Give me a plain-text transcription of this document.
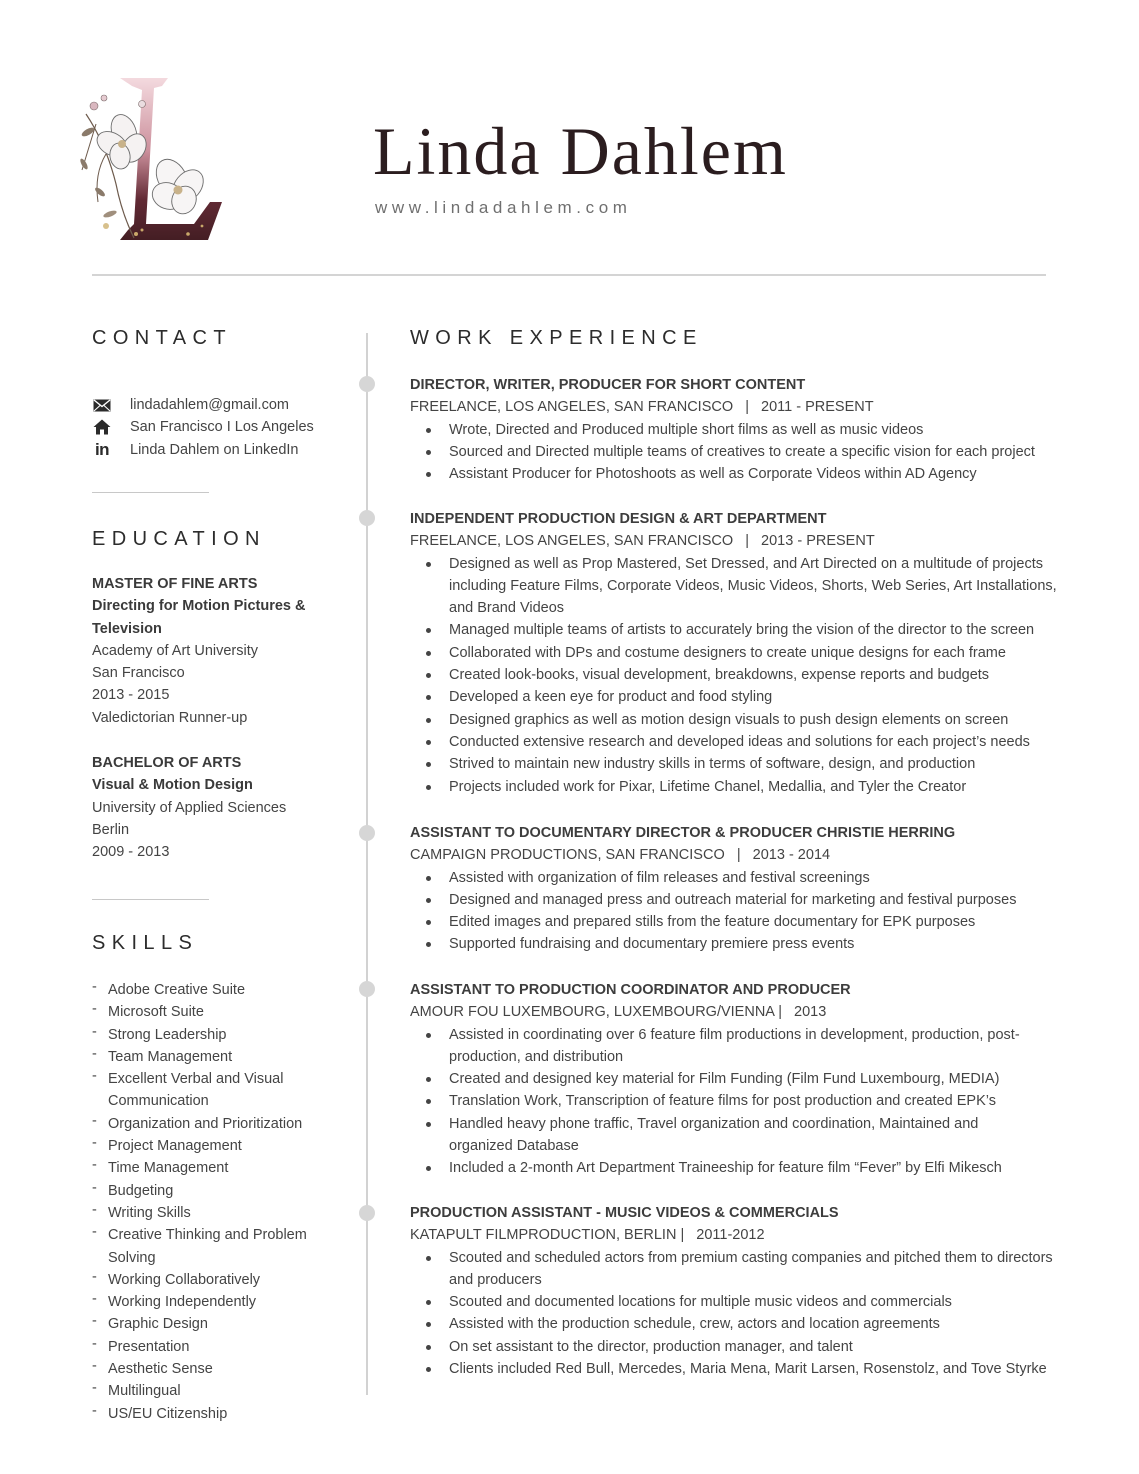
Linda Dahlem
www.lindadahlem.com
CONTACT
lindadahlem@gmail.com
San Francisco I Los Angeles
in Linda Dahlem on LinkedIn
EDUCATION
MASTER OF FINE ARTS
Directing for Motion Pictures & Television
Academy of Art University
San Francisco
2013 - 2015
Valedictorian Runner-up
BACHELOR OF ARTS
Visual & Motion Design
University of Applied Sciences
Berlin
2009 - 2013
SKILLS
- Adobe Creative Suite
- Microsoft Suite
- Strong Leadership
- Team Management
- Excellent Verbal and Visual Communication
- Organization and Prioritization
- Project Management
- Time Management
- Budgeting
- Writing Skills
- Creative Thinking and Problem Solving
- Working Collaboratively
- Working Independently
- Graphic Design
- Presentation
- Aesthetic Sense
- Multilingual
- US/EU Citizenship
WORK EXPERIENCE
DIRECTOR, WRITER, PRODUCER FOR SHORT CONTENT
FREELANCE, LOS ANGELES, SAN FRANCISCO   |   2011 - PRESENT
Wrote, Directed and Produced multiple short films as well as music videos
Sourced and Directed multiple teams of creatives to create a specific vision for each project
Assistant Producer for Photoshoots as well as Corporate Videos within AD Agency
INDEPENDENT PRODUCTION DESIGN & ART DEPARTMENT
FREELANCE, LOS ANGELES, SAN FRANCISCO   |   2013 - PRESENT
Designed as well as Prop Mastered, Set Dressed, and Art Directed on a multitude of projects including Feature Films, Corporate Videos, Music Videos, Shorts, Web Series, Art Installations, and Brand Videos
Managed multiple teams of artists to accurately bring the vision of the director to the screen
Collaborated with DPs and costume designers to create unique designs for each frame
Created look-books, visual development, breakdowns, expense reports and budgets
Developed a keen eye for product and food styling
Designed graphics as well as motion design visuals to push design elements on screen
Conducted extensive research and developed ideas and solutions for each project’s needs
Strived to maintain new industry skills in terms of software, design, and production
Projects included work for Pixar, Lifetime Chanel, Medallia, and Tyler the Creator
ASSISTANT TO DOCUMENTARY DIRECTOR & PRODUCER CHRISTIE HERRING
CAMPAIGN PRODUCTIONS, SAN FRANCISCO   |   2013 - 2014
Assisted with organization of film releases and festival screenings
Designed and managed press and outreach material for marketing and festival purposes
Edited images and prepared stills from the feature documentary for EPK purposes
Supported fundraising and documentary premiere press events
ASSISTANT TO PRODUCTION COORDINATOR AND PRODUCER
AMOUR FOU LUXEMBOURG, LUXEMBOURG/VIENNA |   2013
Assisted in coordinating over 6 feature film productions in development, production, post-production, and distribution
Created and designed key material for Film Funding (Film Fund Luxembourg, MEDIA)
Translation Work, Transcription of feature films for post production and created EPK’s
Handled heavy phone traffic, Travel organization and coordination, Maintained and organized Database
Included a 2-month Art Department Traineeship for feature film “Fever” by Elfi Mikesch
PRODUCTION ASSISTANT - MUSIC VIDEOS & COMMERCIALS
KATAPULT FILMPRODUCTION, BERLIN |   2011-2012
Scouted and scheduled actors from premium casting companies and pitched them to directors and producers
Scouted and documented locations for multiple music videos and commercials
Assisted with the production schedule, crew, actors and location agreements
On set assistant to the director, production manager, and talent
Clients included Red Bull, Mercedes, Maria Mena, Marit Larsen, Rosenstolz, and Tove Styrke
